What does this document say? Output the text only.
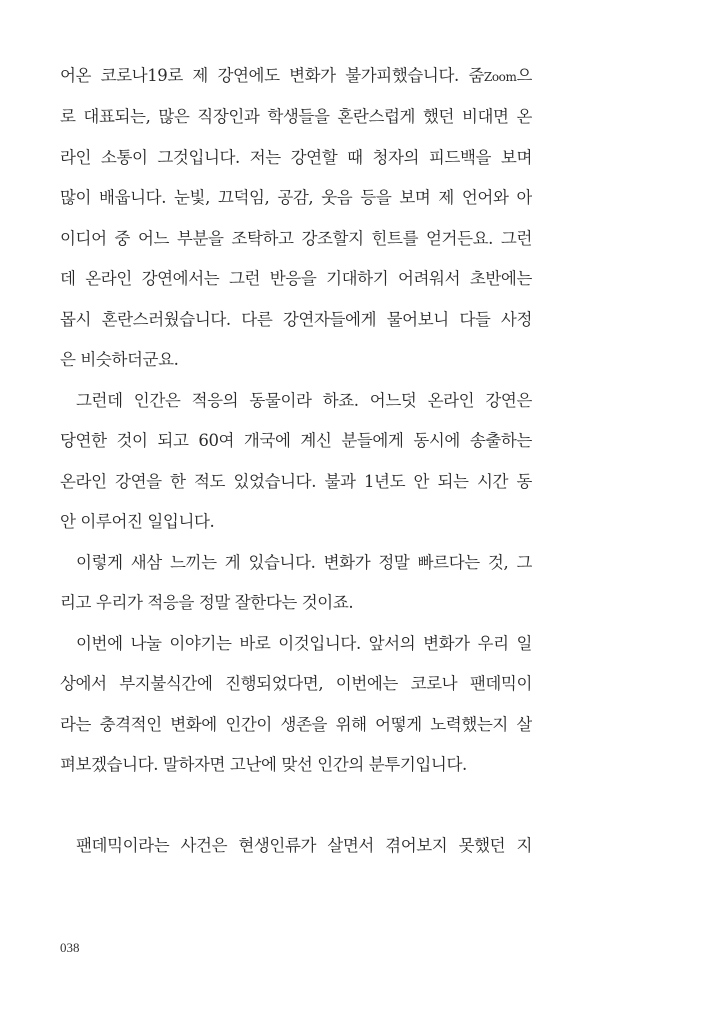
어온 코로나19로 제 강연에도 변화가 불가피했습니다. 줌Zoom으
로 대표되는, 많은 직장인과 학생들을 혼란스럽게 했던 비대면 온
라인 소통이 그것입니다. 저는 강연할 때 청자의 피드백을 보며
많이 배웁니다. 눈빛, 끄덕임, 공감, 웃음 등을 보며 제 언어와 아
이디어 중 어느 부분을 조탁하고 강조할지 힌트를 얻거든요. 그런
데 온라인 강연에서는 그런 반응을 기대하기 어려워서 초반에는
몹시 혼란스러웠습니다. 다른 강연자들에게 물어보니 다들 사정
은 비슷하더군요.
그런데 인간은 적응의 동물이라 하죠. 어느덧 온라인 강연은
당연한 것이 되고 60여 개국에 계신 분들에게 동시에 송출하는
온라인 강연을 한 적도 있었습니다. 불과 1년도 안 되는 시간 동
안 이루어진 일입니다.
이렇게 새삼 느끼는 게 있습니다. 변화가 정말 빠르다는 것, 그
리고 우리가 적응을 정말 잘한다는 것이죠.
이번에 나눌 이야기는 바로 이것입니다. 앞서의 변화가 우리 일
상에서 부지불식간에 진행되었다면, 이번에는 코로나 팬데믹이
라는 충격적인 변화에 인간이 생존을 위해 어떻게 노력했는지 살
펴보겠습니다. 말하자면 고난에 맞선 인간의 분투기입니다.
팬데믹이라는 사건은 현생인류가 살면서 겪어보지 못했던 지
038
